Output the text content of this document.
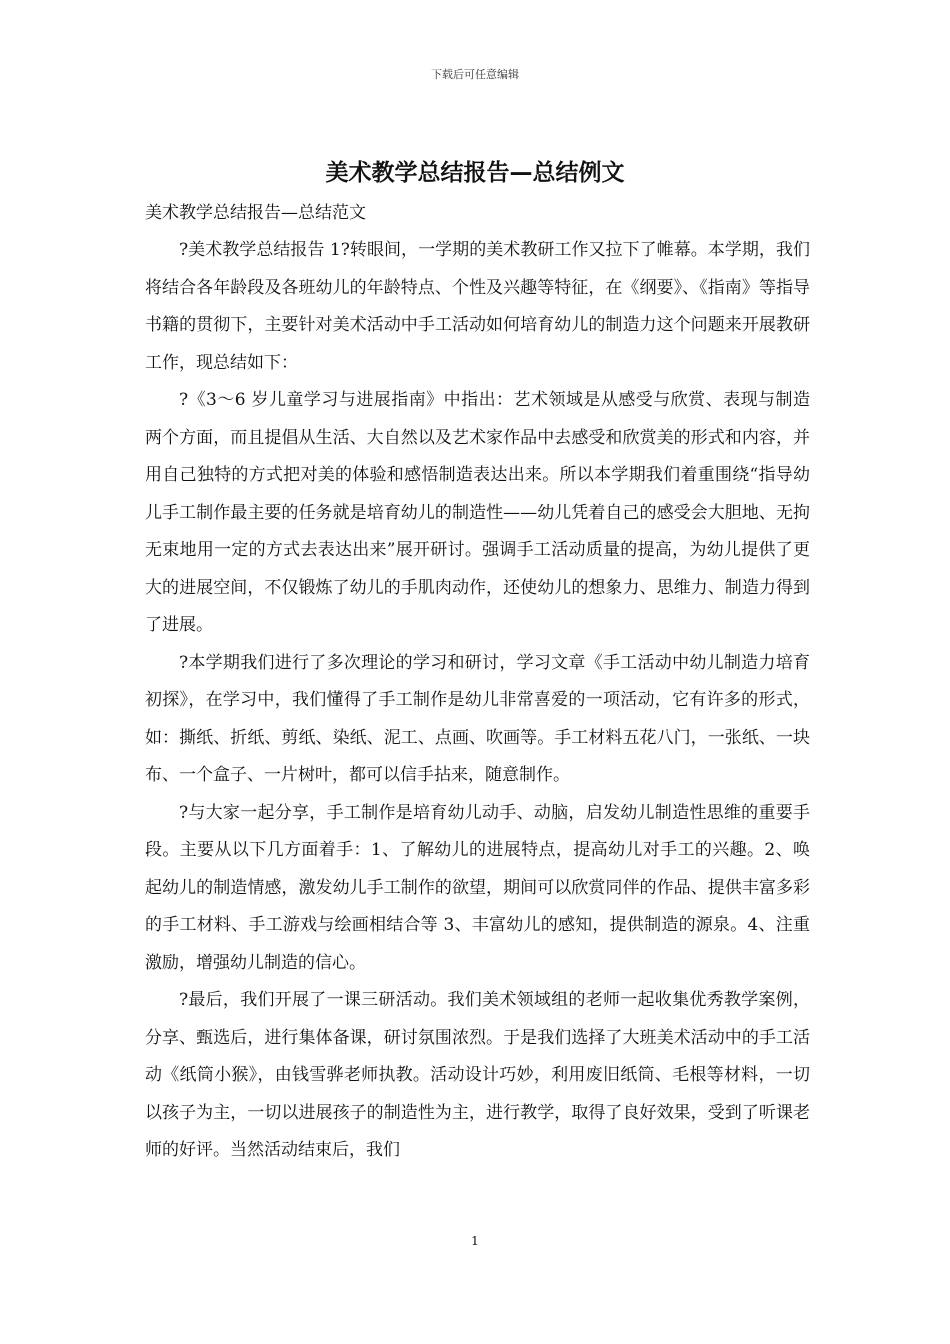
下载后可任意编辑
美术教学总结报告—总结例文

美术教学总结报告—总结范文

?美术教学总结报告 1?转眼间，一学期的美术教研工作又拉下了帷幕。本学期，我们将结合各年龄段及各班幼儿的年龄特点、个性及兴趣等特征，在《纲要》、《指南》等指导书籍的贯彻下，主要针对美术活动中手工活动如何培育幼儿的制造力这个问题来开展教研工作，现总结如下：

?《3～6 岁儿童学习与进展指南》中指出：艺术领域是从感受与欣赏、表现与制造两个方面，而且提倡从生活、大自然以及艺术家作品中去感受和欣赏美的形式和内容，并用自己独特的方式把对美的体验和感悟制造表达出来。所以本学期我们着重围绕“指导幼儿手工制作最主要的任务就是培育幼儿的制造性——幼儿凭着自己的感受会大胆地、无拘无束地用一定的方式去表达出来”展开研讨。强调手工活动质量的提高，为幼儿提供了更大的进展空间，不仅锻炼了幼儿的手肌肉动作，还使幼儿的想象力、思维力、制造力得到了进展。

?本学期我们进行了多次理论的学习和研讨，学习文章《手工活动中幼儿制造力培育初探》，在学习中，我们懂得了手工制作是幼儿非常喜爱的一项活动，它有许多的形式，如：撕纸、折纸、剪纸、染纸、泥工、点画、吹画等。手工材料五花八门，一张纸、一块布、一个盒子、一片树叶，都可以信手拈来，随意制作。

?与大家一起分享，手工制作是培育幼儿动手、动脑，启发幼儿制造性思维的重要手段。主要从以下几方面着手：1、了解幼儿的进展特点，提高幼儿对手工的兴趣。2、唤起幼儿的制造情感，激发幼儿手工制作的欲望，期间可以欣赏同伴的作品、提供丰富多彩的手工材料、手工游戏与绘画相结合等 3、丰富幼儿的感知，提供制造的源泉。4、注重激励，增强幼儿制造的信心。

?最后，我们开展了一课三研活动。我们美术领域组的老师一起收集优秀教学案例，分享、甄选后，进行集体备课，研讨氛围浓烈。于是我们选择了大班美术活动中的手工活动《纸筒小猴》，由钱雪骅老师执教。活动设计巧妙，利用废旧纸筒、毛根等材料，一切以孩子为主，一切以进展孩子的制造性为主，进行教学，取得了良好效果，受到了听课老师的好评。当然活动结束后，我们

1
